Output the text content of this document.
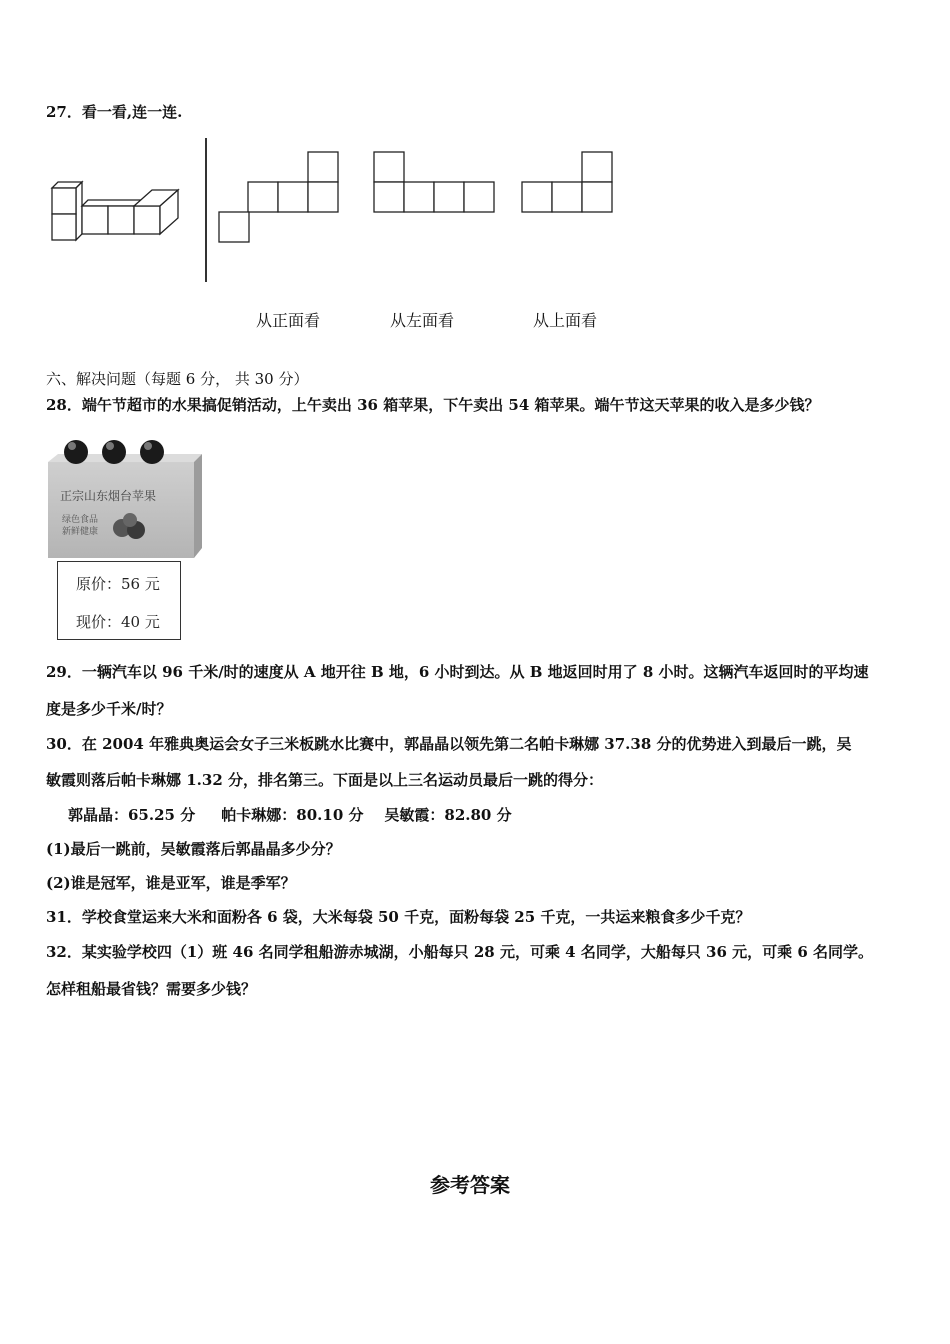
27．看一看,连一连.
从正面看	从左面看	从上面看
六、解决问题（每题 6 分， 共 30 分）
28．端午节超市的水果搞促销活动，上午卖出 36 箱苹果，下午卖出 54 箱苹果。端午节这天苹果的收入是多少钱？
正宗山东烟台苹果
绿色食品
新鲜健康
原价：56 元
现价：40 元
29．一辆汽车以 96 千米/时的速度从 A 地开往 B 地，6 小时到达。从 B 地返回时用了 8 小时。这辆汽车返回时的平均速
度是多少千米/时？
30．在 2004 年雅典奥运会女子三米板跳水比赛中，郭晶晶以领先第二名帕卡琳娜 37.38 分的优势进入到最后一跳，吴
敏霞则落后帕卡琳娜 1.32 分，排名第三。下面是以上三名运动员最后一跳的得分：
郭晶晶：65.25 分     帕卡琳娜：80.10 分    吴敏霞：82.80 分
(1)最后一跳前，吴敏霞落后郭晶晶多少分？
(2)谁是冠军，谁是亚军，谁是季军？
31．学校食堂运来大米和面粉各 6 袋，大米每袋 50 千克，面粉每袋 25 千克，一共运来粮食多少千克？
32．某实验学校四（1）班 46 名同学租船游赤城湖，小船每只 28 元，可乘 4 名同学，大船每只 36 元，可乘 6 名同学。
怎样租船最省钱？需要多少钱？
参考答案
